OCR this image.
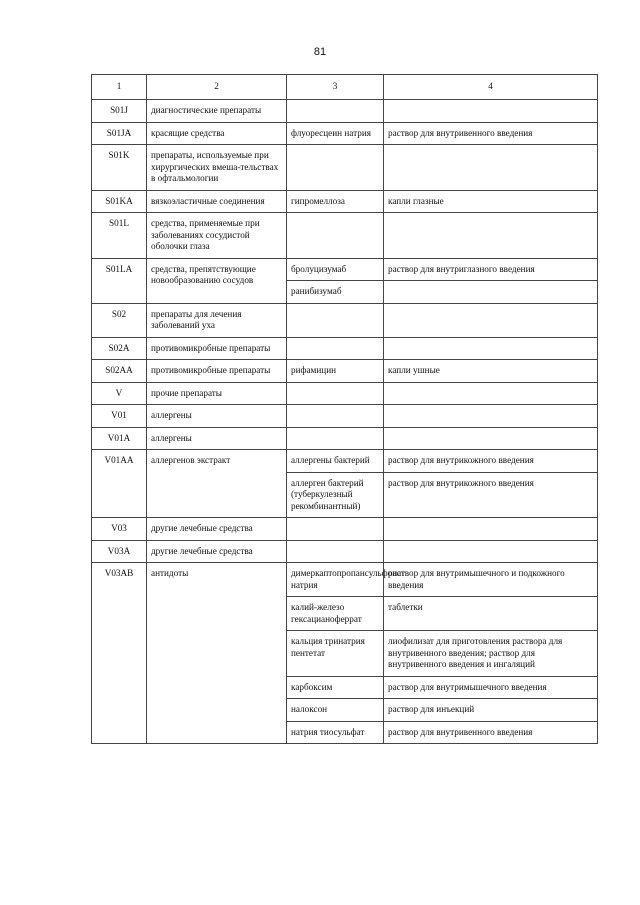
81
1	2	3	4
S01J	диагностические препараты		
S01JA	красящие средства	флуоресцеин натрия	раствор для внутривенного введения
S01K	препараты, используемые при хирургических вмеша-тельствах в офтальмологии		
S01KA	вязкоэластичные соединения	гипромеллоза	капли глазные
S01L	средства, применяемые при заболеваниях сосудистой оболочки глаза		
S01LA	средства, препятствующие новообразованию сосудов	бролуцизумаб	раствор для внутриглазного введения
		ранибизумаб	
S02	препараты для лечения заболеваний уха		
S02A	противомикробные препараты		
S02AA	противомикробные препараты	рифамицин	капли ушные
V	прочие препараты		
V01	аллергены		
V01A	аллергены		
V01AA	аллергенов экстракт	аллергены бактерий	раствор для внутрикожного введения
		аллерген бактерий (туберкулезный рекомбинантный)	раствор для внутрикожного введения
V03	другие лечебные средства		
V03A	другие лечебные средства		
V03AB	антидоты	димеркаптопропансульфонат натрия	раствор для внутримышечного и подкожного введения
		калий-железо гексацианоферрат	таблетки
		кальция тринатрия пентетат	лиофилизат для приготовления раствора для внутривенного введения; раствор для внутривенного введения и ингаляций
		карбоксим	раствор для внутримышечного введения
		налоксон	раствор для инъекций
		натрия тиосульфат	раствор для внутривенного введения
